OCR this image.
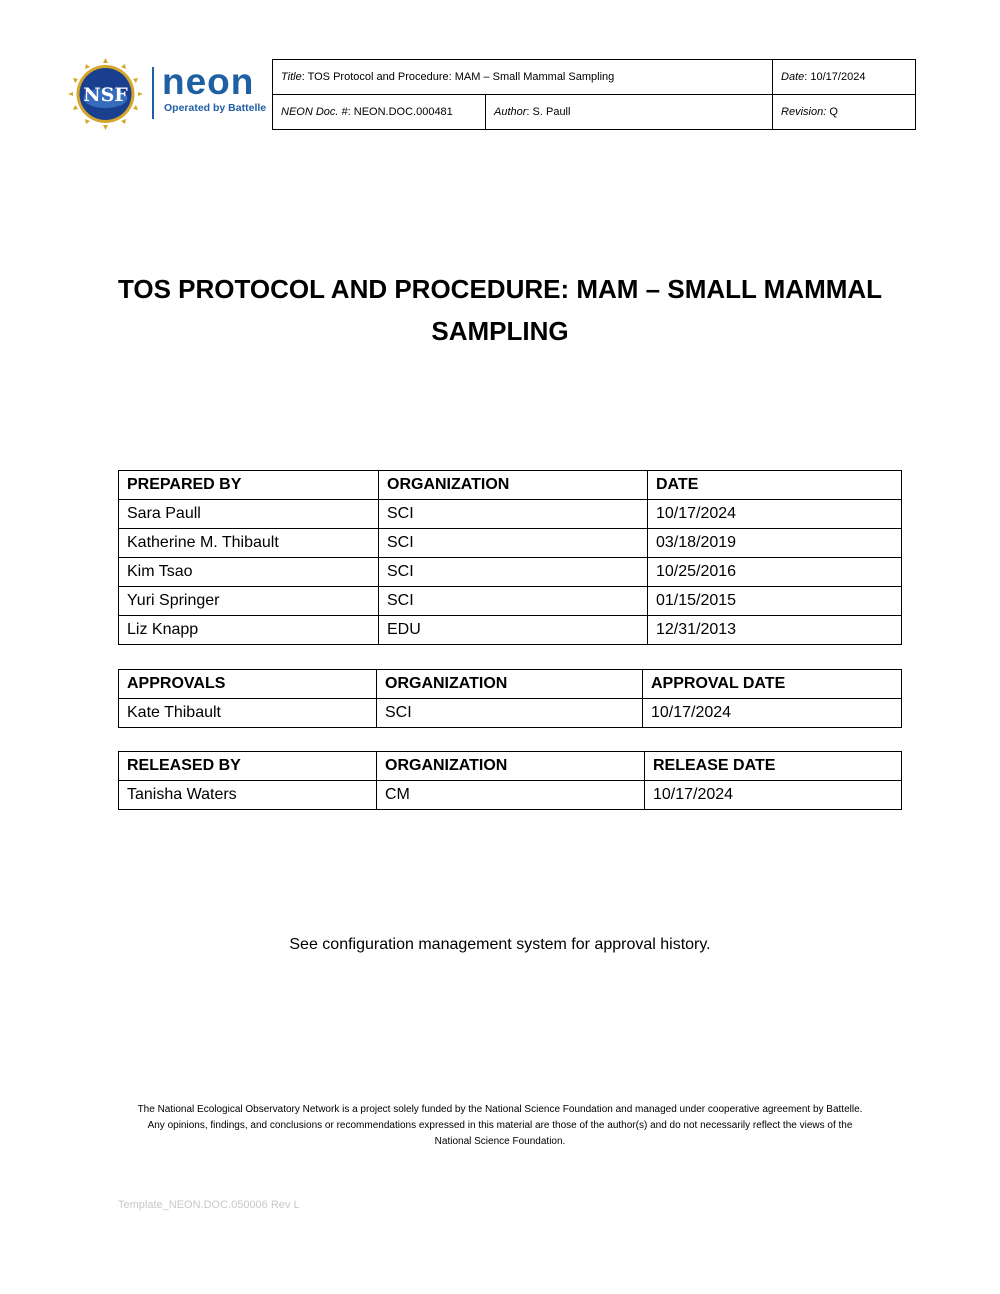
NSF neon
Operated by Battelle
Title: TOS Protocol and Procedure: MAM – Small Mammal Sampling		Date: 10/17/2024
NEON Doc. #: NEON.DOC.000481	Author: S. Paull	Revision: Q
TOS PROTOCOL AND PROCEDURE: MAM – SMALL MAMMAL
SAMPLING
PREPARED BY	ORGANIZATION	DATE
Sara Paull	SCI	10/17/2024
Katherine M. Thibault	SCI	03/18/2019
Kim Tsao	SCI	10/25/2016
Yuri Springer	SCI	01/15/2015
Liz Knapp	EDU	12/31/2013
APPROVALS	ORGANIZATION	APPROVAL DATE
Kate Thibault	SCI	10/17/2024
RELEASED BY	ORGANIZATION	RELEASE DATE
Tanisha Waters	CM	10/17/2024
See configuration management system for approval history.
The National Ecological Observatory Network is a project solely funded by the National Science Foundation and managed under cooperative agreement by Battelle.
Any opinions, findings, and conclusions or recommendations expressed in this material are those of the author(s) and do not necessarily reflect the views of the
National Science Foundation.
Template_NEON.DOC.050006 Rev L
